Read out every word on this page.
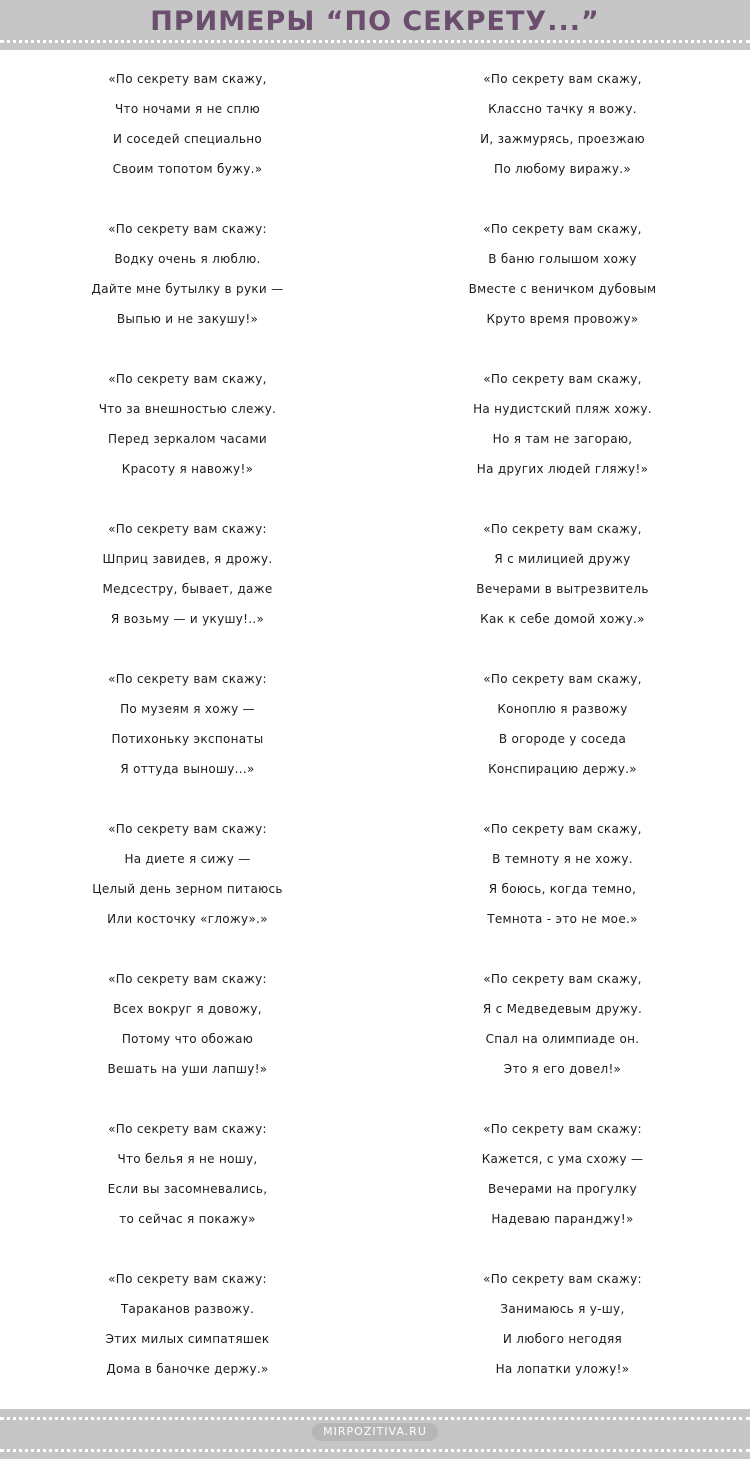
ПРИМЕРЫ “ПО СЕКРЕТУ...”
«По секрету вам скажу,
Что ночами я не сплю
И соседей специально
Своим топотом бужу.»
«По секрету вам скажу:
Водку очень я люблю.
Дайте мне бутылку в руки —
Выпью и не закушу!»
«По секрету вам скажу,
Что за внешностью слежу.
Перед зеркалом часами
Красоту я навожу!»
«По секрету вам скажу:
Шприц завидев, я дрожу.
Медсестру, бывает, даже
Я возьму — и укушу!..»
«По секрету вам скажу:
По музеям я хожу —
Потихоньку экспонаты
Я оттуда выношу...»
«По секрету вам скажу:
На диете я сижу —
Целый день зерном питаюсь
Или косточку «гложу».»
«По секрету вам скажу:
Всех вокруг я довожу,
Потому что обожаю
Вешать на уши лапшу!»
«По секрету вам скажу:
Что белья я не ношу,
Если вы засомневались,
то сейчас я покажу»
«По секрету вам скажу:
Тараканов развожу.
Этих милых симпатяшек
Дома в баночке держу.»
«По секрету вам скажу,
Классно тачку я вожу.
И, зажмурясь, проезжаю
По любому виражу.»
«По секрету вам скажу,
В баню голышом хожу
Вместе с веничком дубовым
Круто время провожу»
«По секрету вам скажу,
На нудистский пляж хожу.
Но я там не загораю,
На других людей гляжу!»
«По секрету вам скажу,
Я с милицией дружу
Вечерами в вытрезвитель
Как к себе домой хожу.»
«По секрету вам скажу,
Коноплю я развожу
В огороде у соседа
Конспирацию держу.»
«По секрету вам скажу,
В темноту я не хожу.
Я боюсь, когда темно,
Темнота - это не мое.»
«По секрету вам скажу,
Я с Медведевым дружу.
Спал на олимпиаде он.
Это я его довел!»
«По секрету вам скажу:
Кажется, с ума схожу —
Вечерами на прогулку
Надеваю паранджу!»
«По секрету вам скажу:
Занимаюсь я у-шу,
И любого негодяя
На лопатки уложу!»
MIRPOZITIVA.RU
